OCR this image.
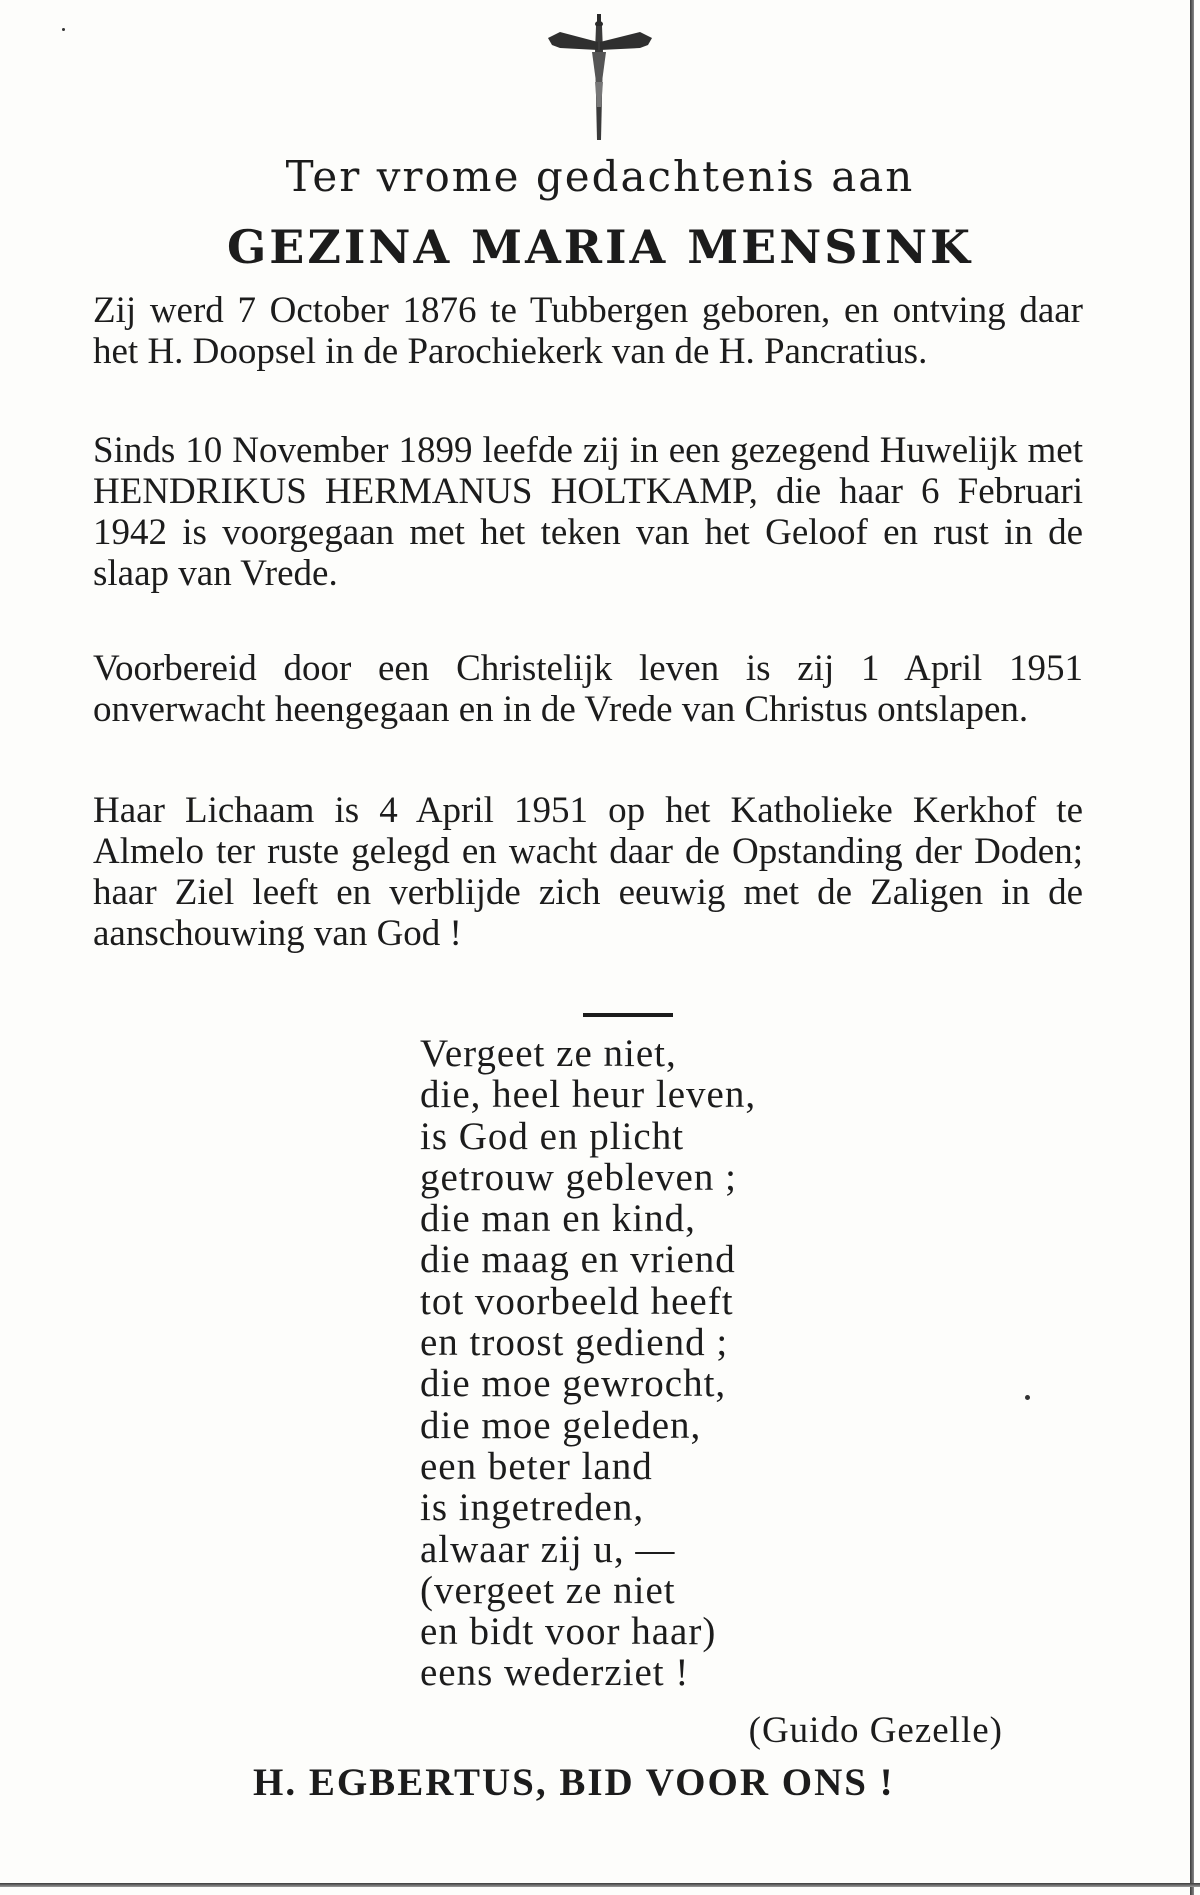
Ter vrome gedachtenis aan
GEZINA MARIA MENSINK

Zij werd 7 October 1876 te Tubbergen geboren, en ontving daar het H. Doopsel in de Parochiekerk van de H. Pancratius.

Sinds 10 November 1899 leefde zij in een gezegend Huwelijk met HENDRIKUS HERMANUS HOLTKAMP, die haar 6 Februari 1942 is voorgegaan met het teken van het Geloof en rust in de slaap van Vrede.

Voorbereid door een Christelijk leven is zij 1 April 1951 onverwacht heengegaan en in de Vrede van Christus ontslapen.

Haar Lichaam is 4 April 1951 op het Katholieke Kerkhof te Almelo ter ruste gelegd en wacht daar de Opstanding der Doden; haar Ziel leeft en verblijde zich eeuwig met de Zaligen in de aanschouwing van God !

Vergeet ze niet,
die, heel heur leven,
is God en plicht
getrouw gebleven ;
die man en kind,
die maag en vriend
tot voorbeeld heeft
en troost gediend ;
die moe gewrocht,
die moe geleden,
een beter land
is ingetreden,
alwaar zij u, —
(vergeet ze niet
en bidt voor haar)
eens wederziet !

(Guido Gezelle)

H. EGBERTUS, BID VOOR ONS !
